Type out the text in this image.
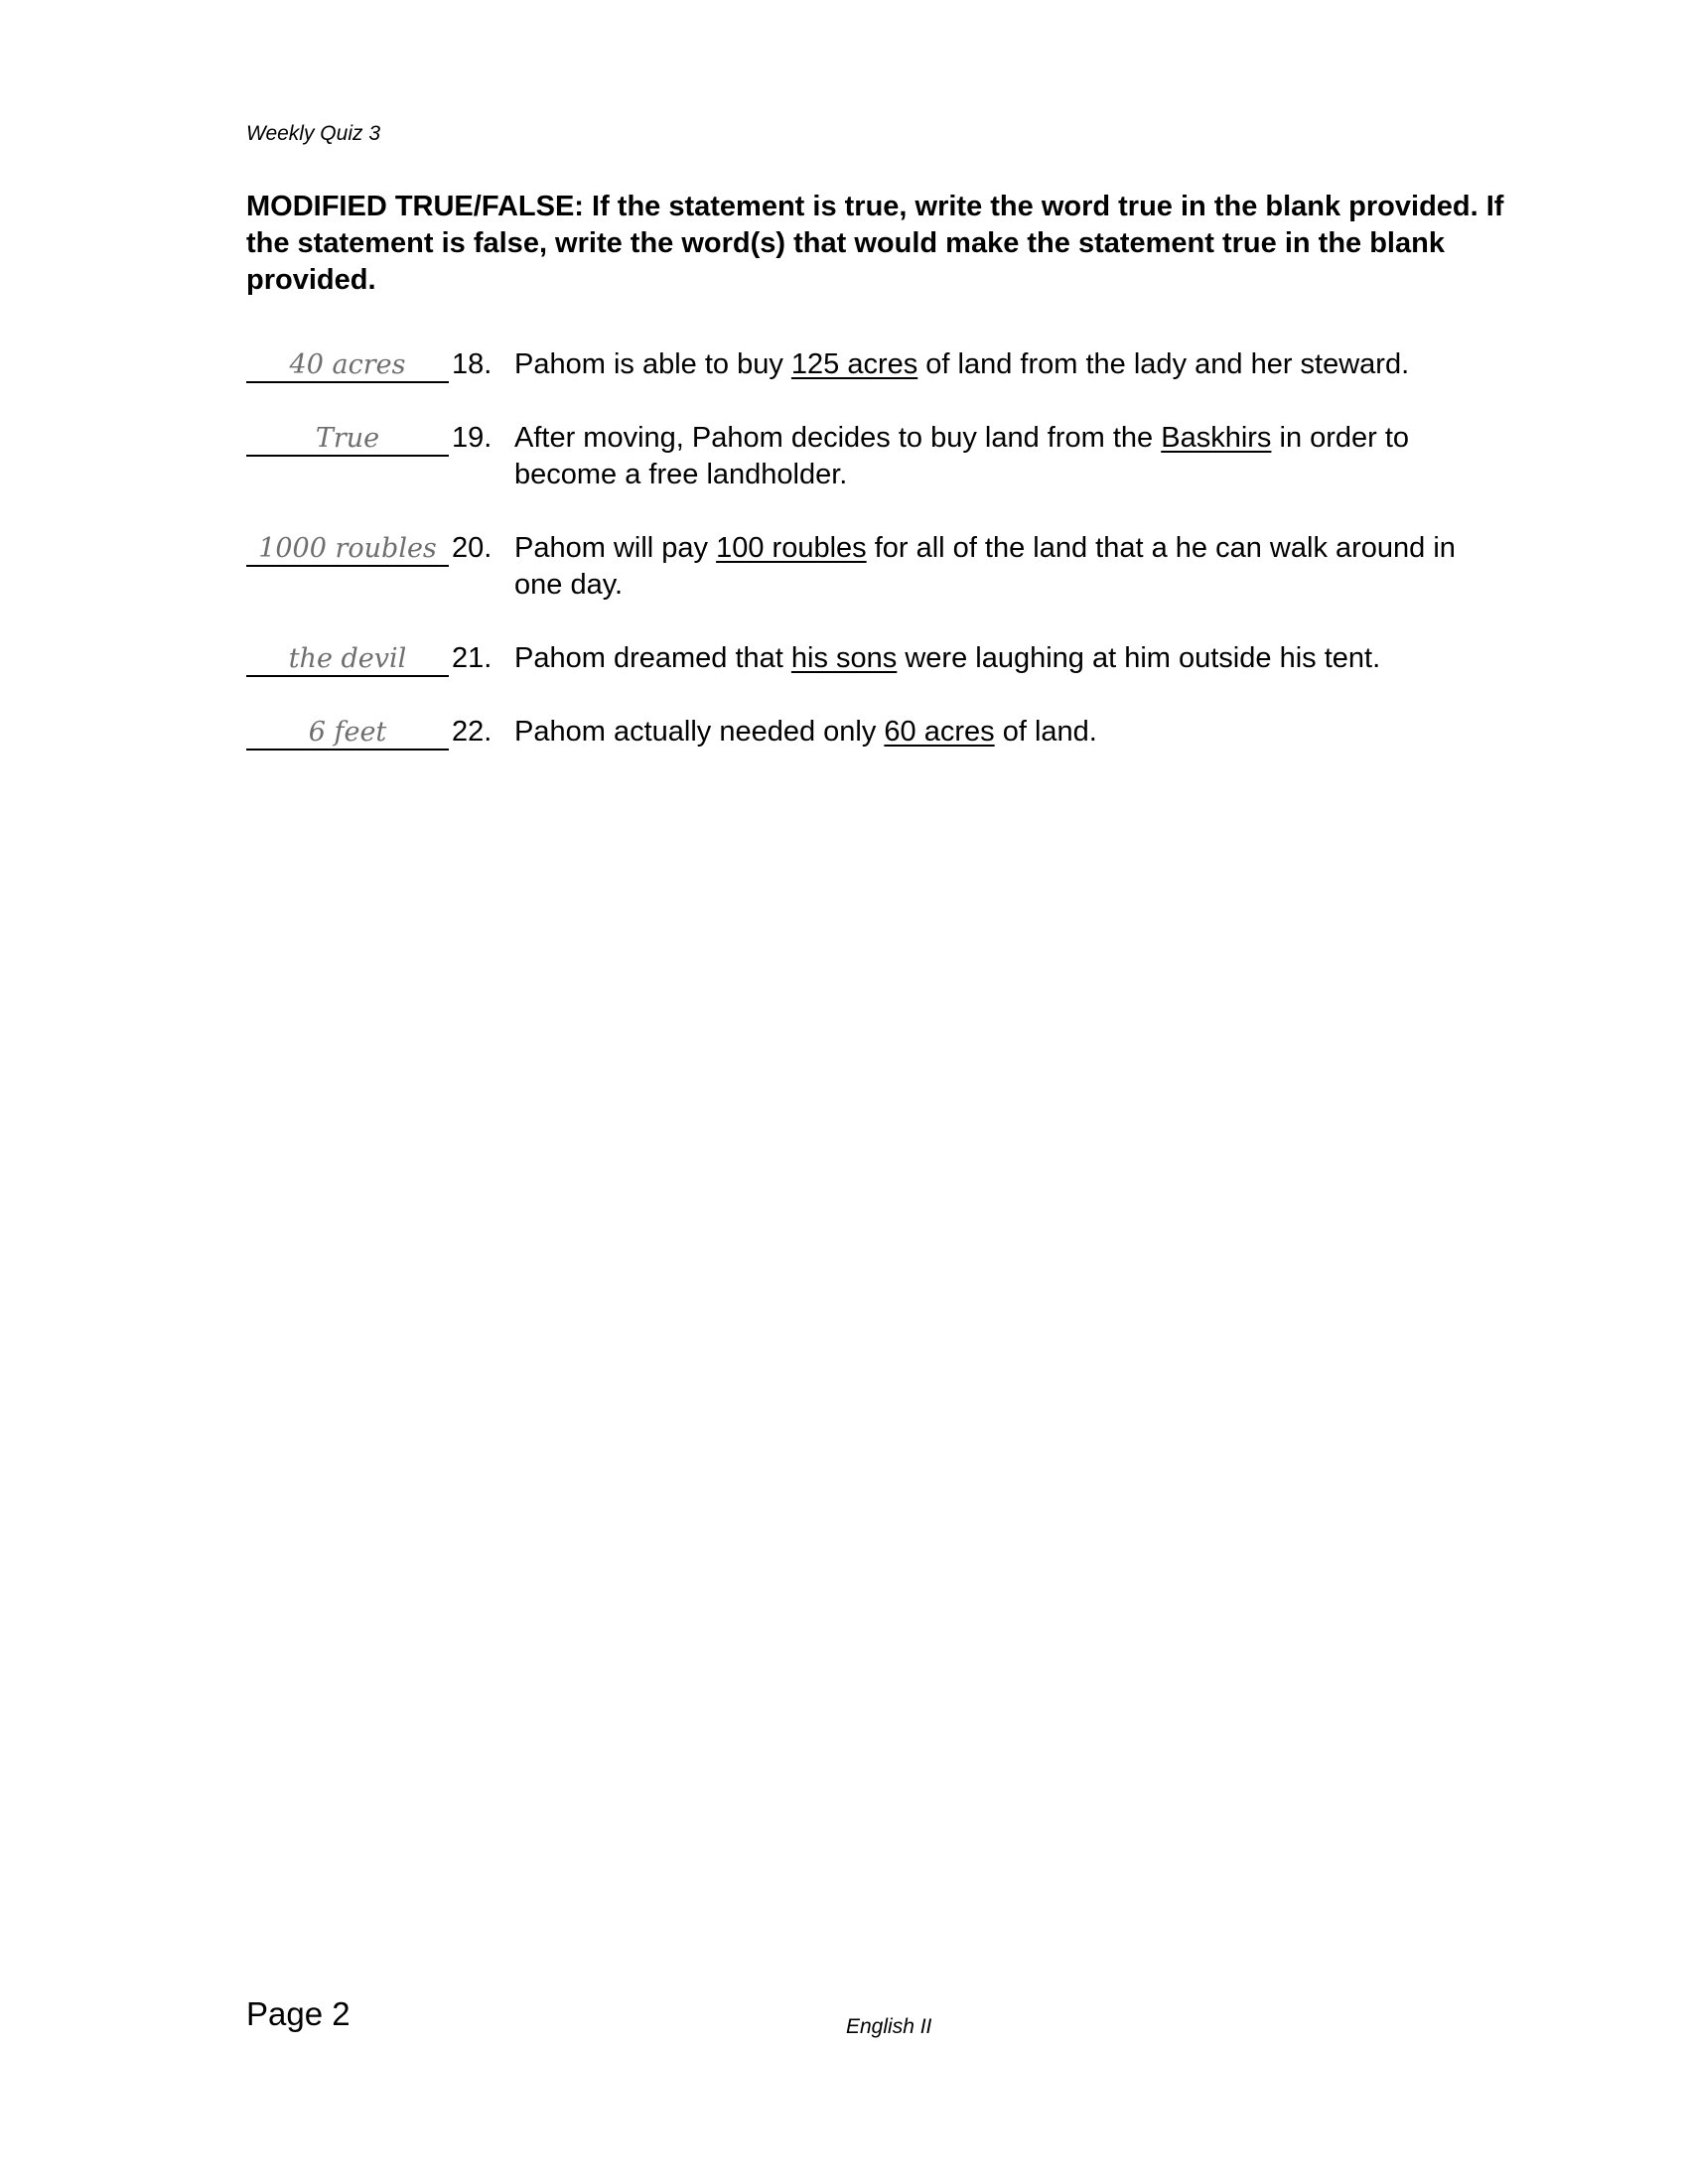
Weekly Quiz 3
MODIFIED TRUE/FALSE: If the statement is true, write the word true in the blank provided. If the statement is false, write the word(s) that would make the statement true in the blank provided.
40 acres	18. Pahom is able to buy 125 acres of land from the lady and her steward.
True	19. After moving, Pahom decides to buy land from the Baskhirs in order to become a free landholder.
1000 roubles 20. Pahom will pay 100 roubles for all of the land that a he can walk around in one day.
the devil	21. Pahom dreamed that his sons were laughing at him outside his tent.
6 feet	22. Pahom actually needed only 60 acres of land.
Page 2	English II
